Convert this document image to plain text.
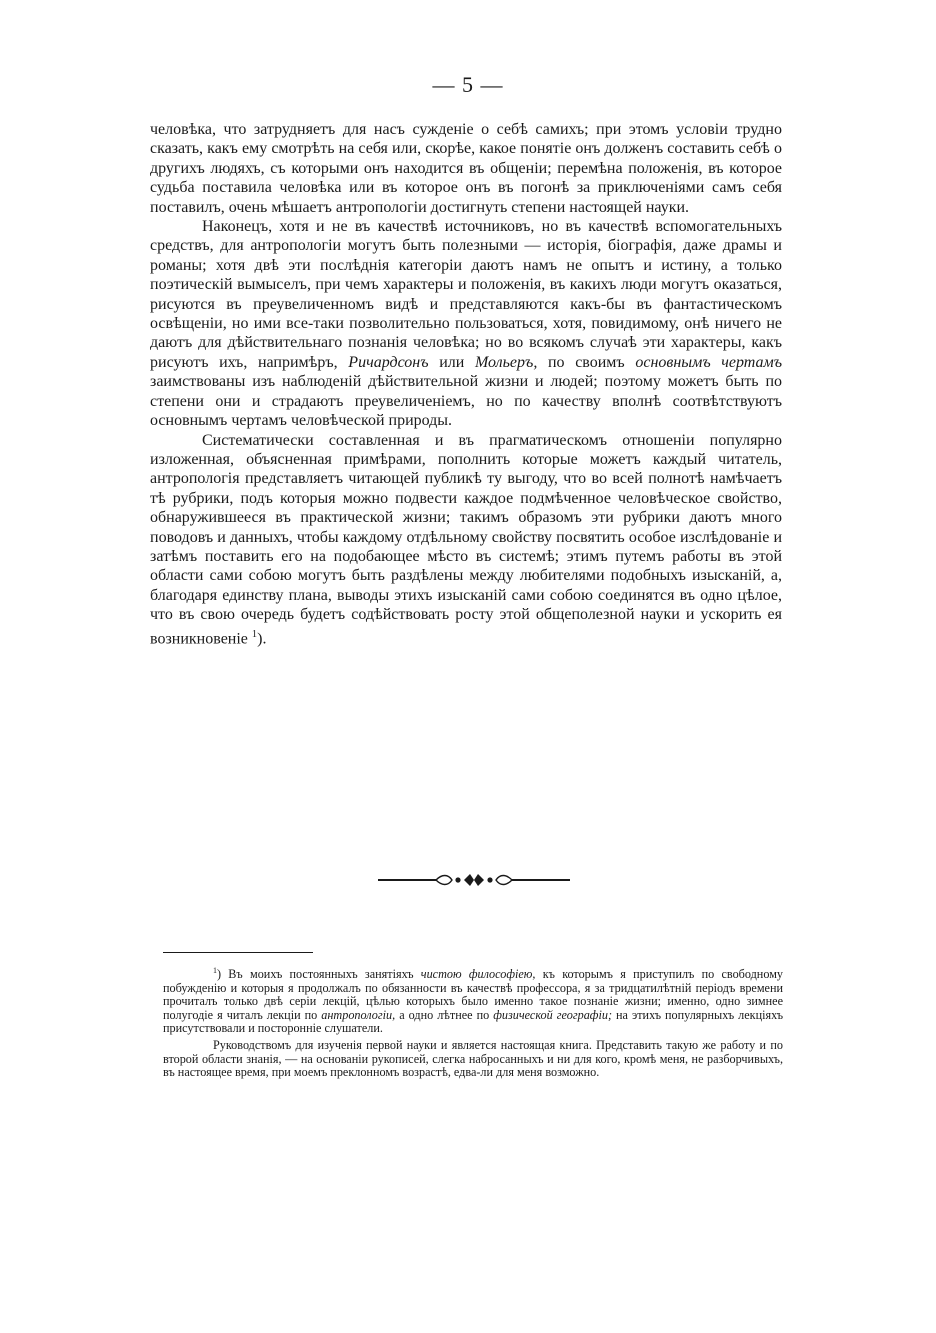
— 5 —

человѣка, что затрудняетъ для насъ сужденіе о себѣ самихъ; при этомъ условіи трудно сказать, какъ ему смотрѣть на себя или, скорѣе, какое понятіе онъ долженъ составить себѣ о другихъ людяхъ, съ которыми онъ находится въ общеніи; перемѣна положенія, въ которое судьба поставила человѣка или въ которое онъ въ погонѣ за приключеніями самъ себя поставилъ, очень мѣшаетъ антропологіи достигнуть степени настоящей науки.

Наконецъ, хотя и не въ качествѣ источниковъ, но въ качествѣ вспомогательныхъ средствъ, для антропологіи могутъ быть полезными — исторія, біографія, даже драмы и романы; хотя двѣ эти послѣднія категоріи даютъ намъ не опытъ и истину, а только поэтическій вымыселъ, при чемъ характеры и положенія, въ какихъ люди могутъ оказаться, рисуются въ преувеличенномъ видѣ и представляются какъ-бы въ фантастическомъ освѣщеніи, но ими все-таки позволительно пользоваться, хотя, повидимому, онѣ ничего не даютъ для дѣйствительнаго познанія человѣка; но во всякомъ случаѣ эти характеры, какъ рисуютъ ихъ, напримѣръ, Ричардсонъ или Мольеръ, по своимъ основнымъ чертамъ заимствованы изъ наблюденій дѣйствительной жизни и людей; поэтому можетъ быть по степени они и страдаютъ преувеличеніемъ, но по качеству вполнѣ соотвѣтствуютъ основнымъ чертамъ человѣческой природы.

Систематически составленная и въ прагматическомъ отношеніи популярно изложенная, объясненная примѣрами, пополнить которые можетъ каждый читатель, антропологія представляетъ читающей публикѣ ту выгоду, что во всей полнотѣ намѣчаетъ тѣ рубрики, подъ которыя можно подвести каждое подмѣченное человѣческое свойство, обнаружившееся въ практической жизни; такимъ образомъ эти рубрики даютъ много поводовъ и данныхъ, чтобы каждому отдѣльному свойству посвятить особое изслѣдованіе и затѣмъ поставить его на подобающее мѣсто въ системѣ; этимъ путемъ работы въ этой области сами собою могутъ быть раздѣлены между любителями подобныхъ изысканій, а, благодаря единству плана, выводы этихъ изысканій сами собою соединятся въ одно цѣлое, что въ свою очередь будетъ содѣйствовать росту этой общеполезной науки и ускорить ея возникновеніе $^1$).

$^1$) Въ моихъ постоянныхъ занятіяхъ чистою философіею, къ которымъ я приступилъ по свободному побужденію и которыя я продолжалъ по обязанности въ качествѣ профессора, я за тридцатилѣтній періодъ времени прочиталъ только двѣ серіи лекцій, цѣлью которыхъ было именно такое познаніе жизни; именно, одно зимнее полугодіе я читалъ лекціи по антропологіи, а одно лѣтнее по физической географіи; на этихъ популярныхъ лекціяхъ присутствовали и посторонніе слушатели.

Руководствомъ для изученія первой науки и является настоящая книга. Представить такую же работу и по второй области знанія, — на основаніи рукописей, слегка набросанныхъ и ни для кого, кромѣ меня, не разборчивыхъ, въ настоящее время, при моемъ преклонномъ возрастѣ, едва-ли для меня возможно.
